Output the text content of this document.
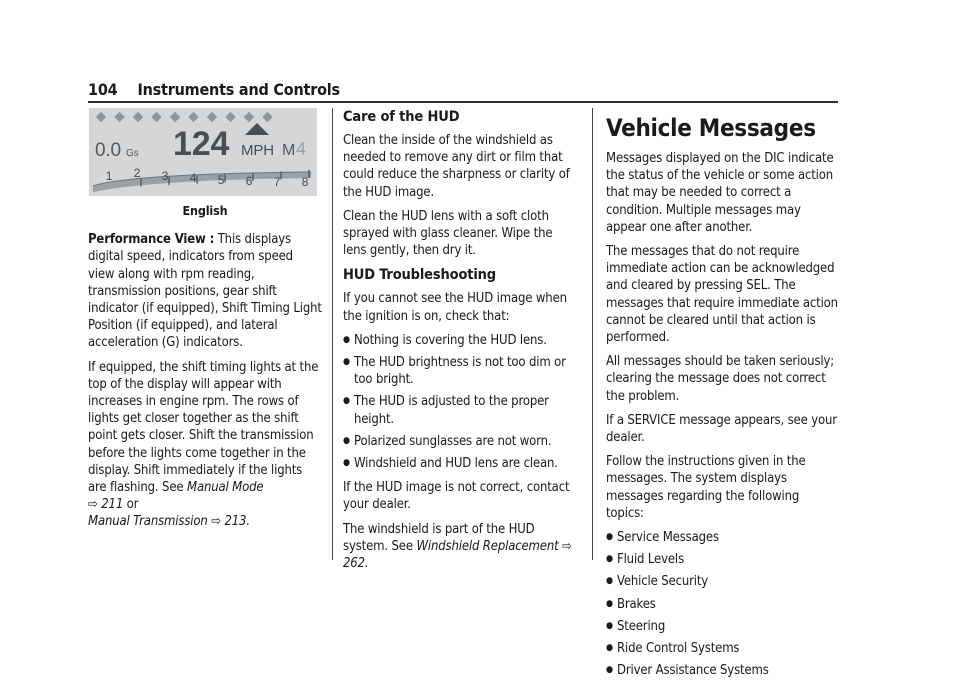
104 Instruments and Controls
1 2 3 4 5 6 7 8
0.0 Gs 124 MPH M 4
English

Performance View : This displays digital speed, indicators from speed view along with rpm reading, transmission positions, gear shift indicator (if equipped), Shift Timing Light Position (if equipped), and lateral acceleration (G) indicators.

If equipped, the shift timing lights at the top of the display will appear with increases in engine rpm. The rows of lights get closer together as the shift point gets closer. Shift the transmission before the lights come together in the display. Shift immediately if the lights are flashing. See Manual Mode
⇨ 211 or
Manual Transmission ⇨ 213.

Care of the HUD

Clean the inside of the windshield as needed to remove any dirt or film that could reduce the sharpness or clarity of the HUD image.

Clean the HUD lens with a soft cloth sprayed with glass cleaner. Wipe the lens gently, then dry it.

HUD Troubleshooting

If you cannot see the HUD image when the ignition is on, check that:

● Nothing is covering the HUD lens.
● The HUD brightness is not too dim or too bright.
● The HUD is adjusted to the proper height.
● Polarized sunglasses are not worn.
● Windshield and HUD lens are clean.

If the HUD image is not correct, contact your dealer.

The windshield is part of the HUD system. See Windshield Replacement ⇨ 262.

Vehicle Messages

Messages displayed on the DIC indicate the status of the vehicle or some action that may be needed to correct a condition. Multiple messages may appear one after another.

The messages that do not require immediate action can be acknowledged and cleared by pressing SEL. The messages that require immediate action cannot be cleared until that action is performed.

All messages should be taken seriously; clearing the message does not correct the problem.

If a SERVICE message appears, see your dealer.

Follow the instructions given in the messages. The system displays messages regarding the following topics:

● Service Messages
● Fluid Levels
● Vehicle Security
● Brakes
● Steering
● Ride Control Systems
● Driver Assistance Systems
